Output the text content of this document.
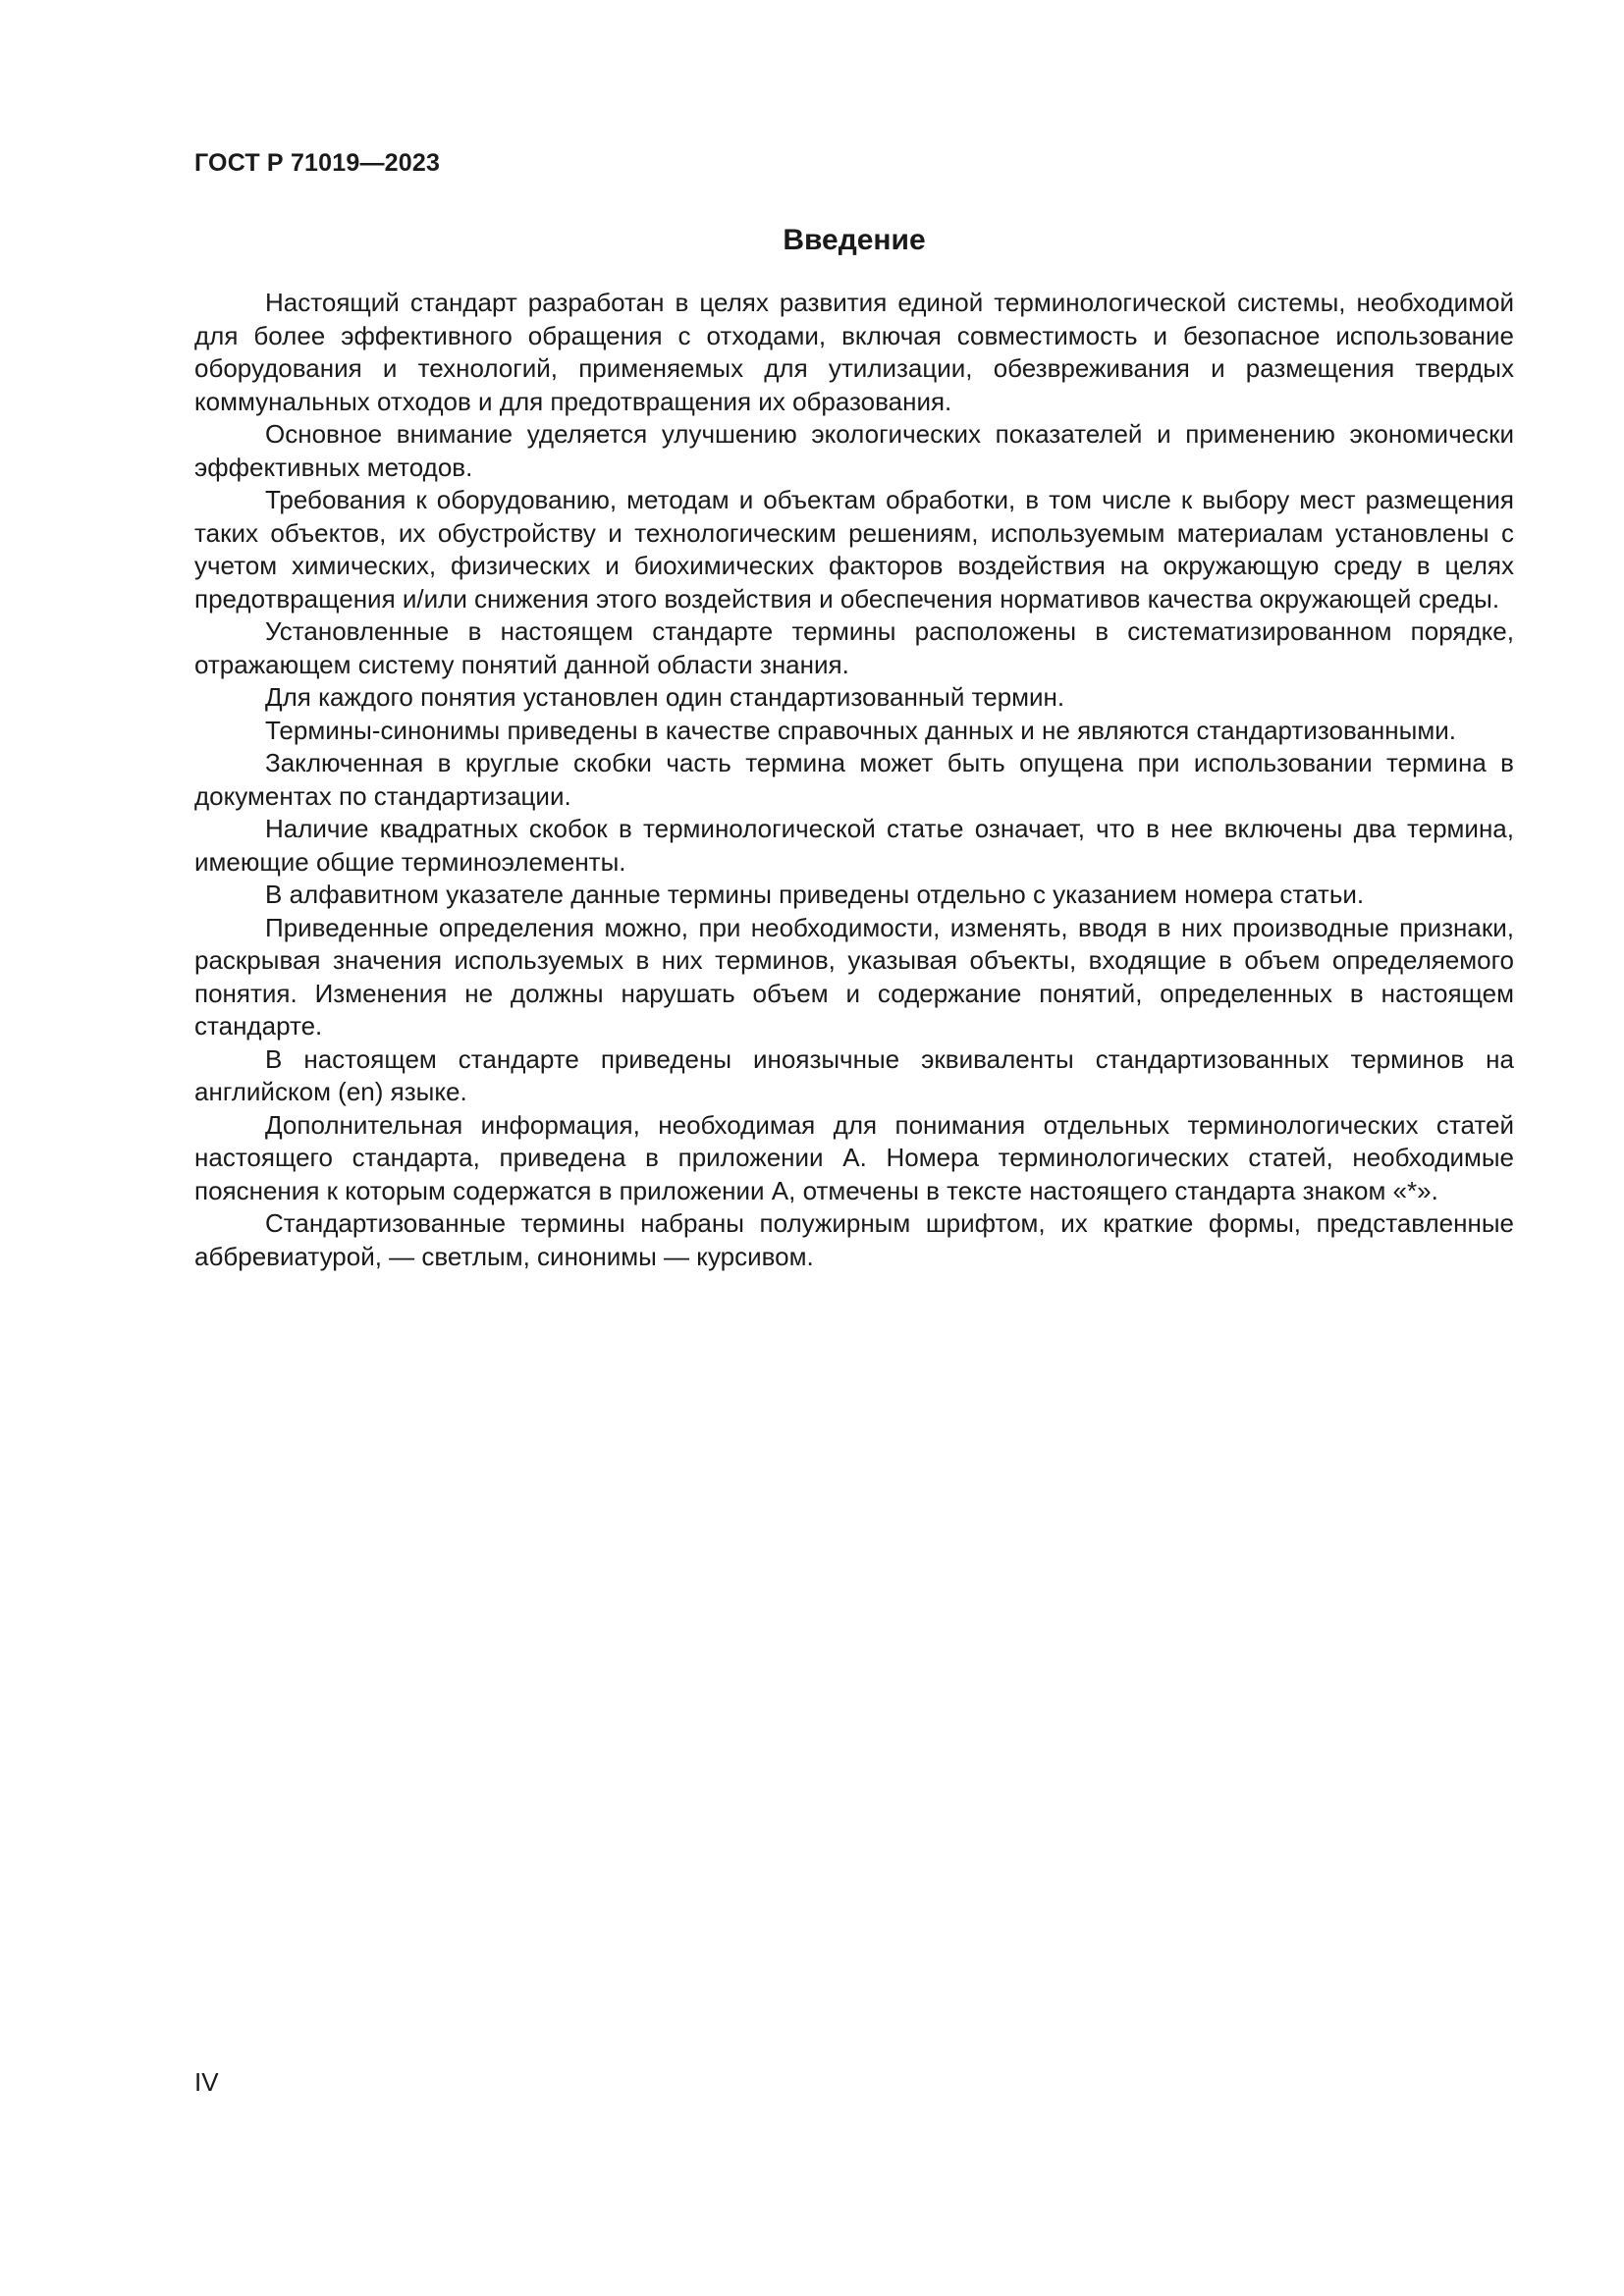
ГОСТ Р 71019—2023
Введение

Настоящий стандарт разработан в целях развития единой терминологической системы, необходимой для более эффективного обращения с отходами, включая совместимость и безопасное использование оборудования и технологий, применяемых для утилизации, обезвреживания и размещения твердых коммунальных отходов и для предотвращения их образования.

Основное внимание уделяется улучшению экологических показателей и применению экономически эффективных методов.

Требования к оборудованию, методам и объектам обработки, в том числе к выбору мест размещения таких объектов, их обустройству и технологическим решениям, используемым материалам установлены с учетом химических, физических и биохимических факторов воздействия на окружающую среду в целях предотвращения и/или снижения этого воздействия и обеспечения нормативов качества окружающей среды.

Установленные в настоящем стандарте термины расположены в систематизированном порядке, отражающем систему понятий данной области знания.

Для каждого понятия установлен один стандартизованный термин.

Термины-синонимы приведены в качестве справочных данных и не являются стандартизованными.

Заключенная в круглые скобки часть термина может быть опущена при использовании термина в документах по стандартизации.

Наличие квадратных скобок в терминологической статье означает, что в нее включены два термина, имеющие общие терминоэлементы.

В алфавитном указателе данные термины приведены отдельно с указанием номера статьи.

Приведенные определения можно, при необходимости, изменять, вводя в них производные признаки, раскрывая значения используемых в них терминов, указывая объекты, входящие в объем определяемого понятия. Изменения не должны нарушать объем и содержание понятий, определенных в настоящем стандарте.

В настоящем стандарте приведены иноязычные эквиваленты стандартизованных терминов на английском (en) языке.

Дополнительная информация, необходимая для понимания отдельных терминологических статей настоящего стандарта, приведена в приложении А. Номера терминологических статей, необходимые пояснения к которым содержатся в приложении А, отмечены в тексте настоящего стандарта знаком «*».

Стандартизованные термины набраны полужирным шрифтом, их краткие формы, представленные аббревиатурой, — светлым, синонимы — курсивом.

IV
